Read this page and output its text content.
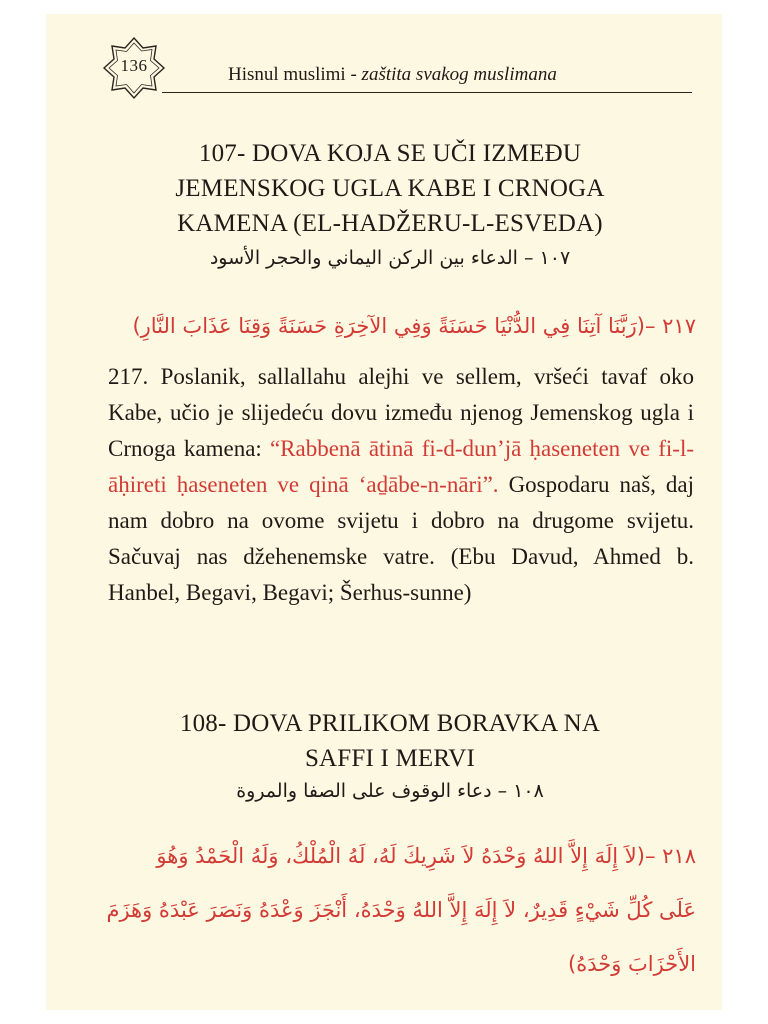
136	Hisnul muslimi - zaštita svakog muslimana
107- DOVA KOJA SE UČI IZMEĐU
JEMENSKOG UGLA KABE I CRNOGA
KAMENA (EL-HADŽERU-L-ESVEDA)
١٠٧ – الدعاء بين الركن اليماني والحجر الأسود
٢١٧ –(رَبَّنَا آتِنَا فِي الدُّنْيَا حَسَنَةً وَفِي الآخِرَةِ حَسَنَةً وَقِنَا عَذَابَ النَّارِ)
217. Poslanik, sallallahu alejhi ve sellem, vršeći tavaf oko Kabe, učio je slijedeću dovu između njenog Jemenskog ugla i Crnoga kamena: “Rabbenā ātinā fi-d-dun’jā ḥaseneten ve fi-l-āḥireti ḥaseneten ve qinā ‘aḏābe-n-nāri”. Gospodaru naš, daj nam dobro na ovome svijetu i dobro na drugome svijetu. Sačuvaj nas džehenemske vatre. (Ebu Davud, Ahmed b. Hanbel, Begavi, Begavi; Šerhus-sunne)
108- DOVA PRILIKOM BORAVKA NA
SAFFI I MERVI
١٠٨ – دعاء الوقوف على الصفا والمروة
٢١٨ –(لاَ إِلَهَ إِلاَّ اللهُ وَحْدَهُ لاَ شَرِيكَ لَهُ، لَهُ الْمُلْكُ، وَلَهُ الْحَمْدُ وَهُوَ
عَلَى كُلِّ شَيْءٍ قَدِيرٌ، لاَ إِلَهَ إِلاَّ اللهُ وَحْدَهُ، أَنْجَزَ وَعْدَهُ وَنَصَرَ عَبْدَهُ وَهَزَمَ
الأَحْزَابَ وَحْدَهُ)
